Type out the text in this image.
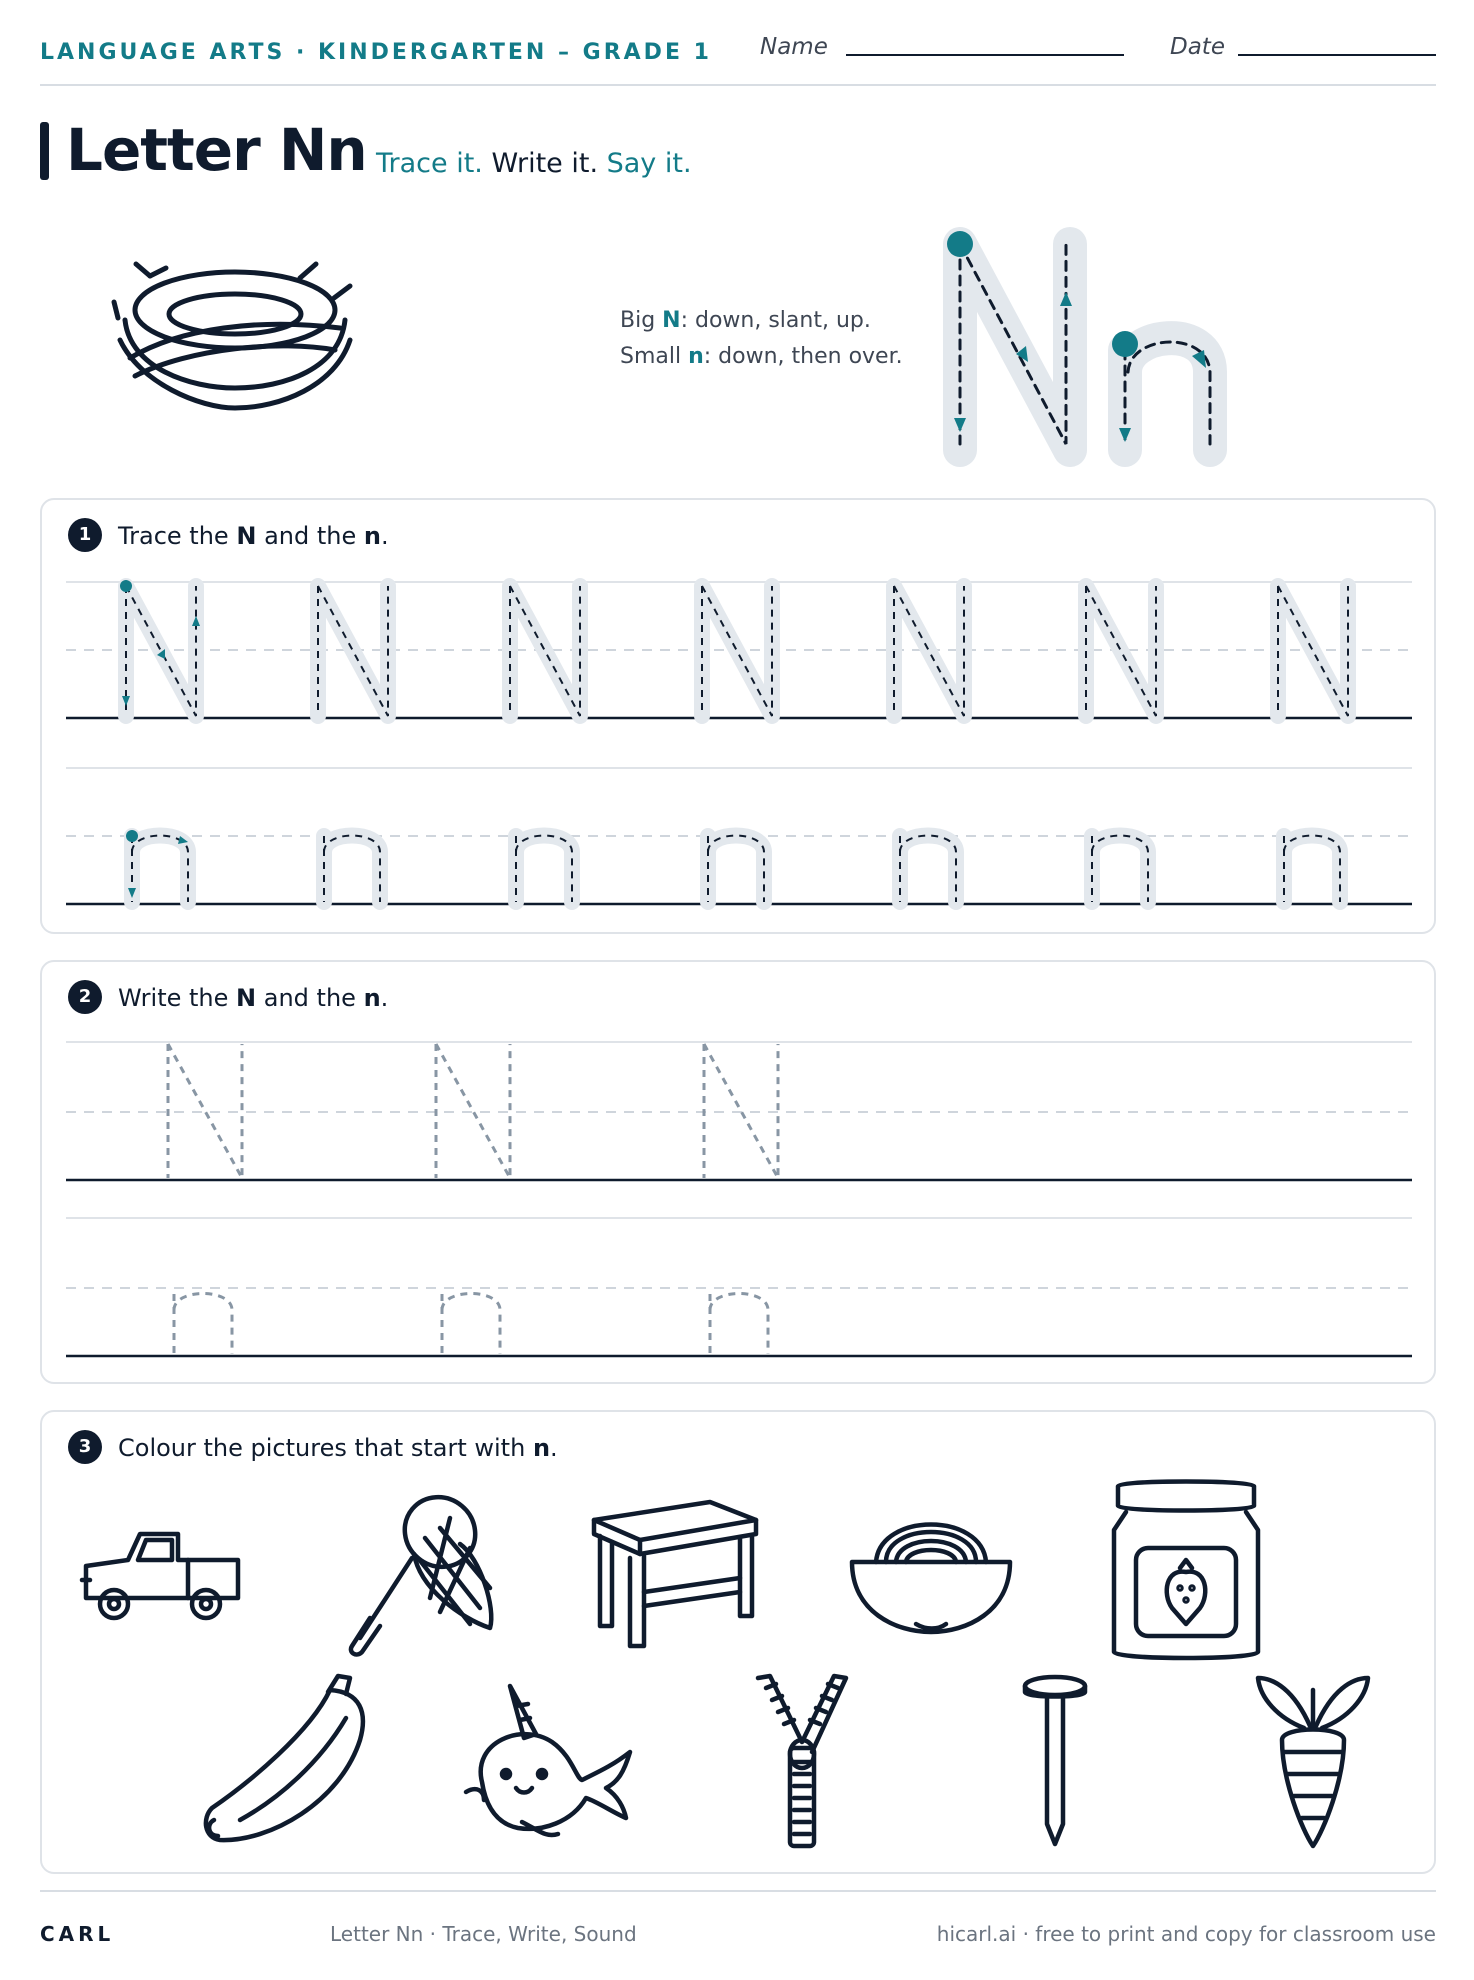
LANGUAGE ARTS · KINDERGARTEN – GRADE 1 Name	Date
Letter Nn Trace it. Write it. Say it.
Big N: down, slant, up.
Small n: down, then over.
1	Trace the N and the n.
2	Write the N and the n.
3	Colour the pictures that start with n.
CARL	Letter Nn · Trace, Write, Sound	hicarl.ai · free to print and copy for classroom use
